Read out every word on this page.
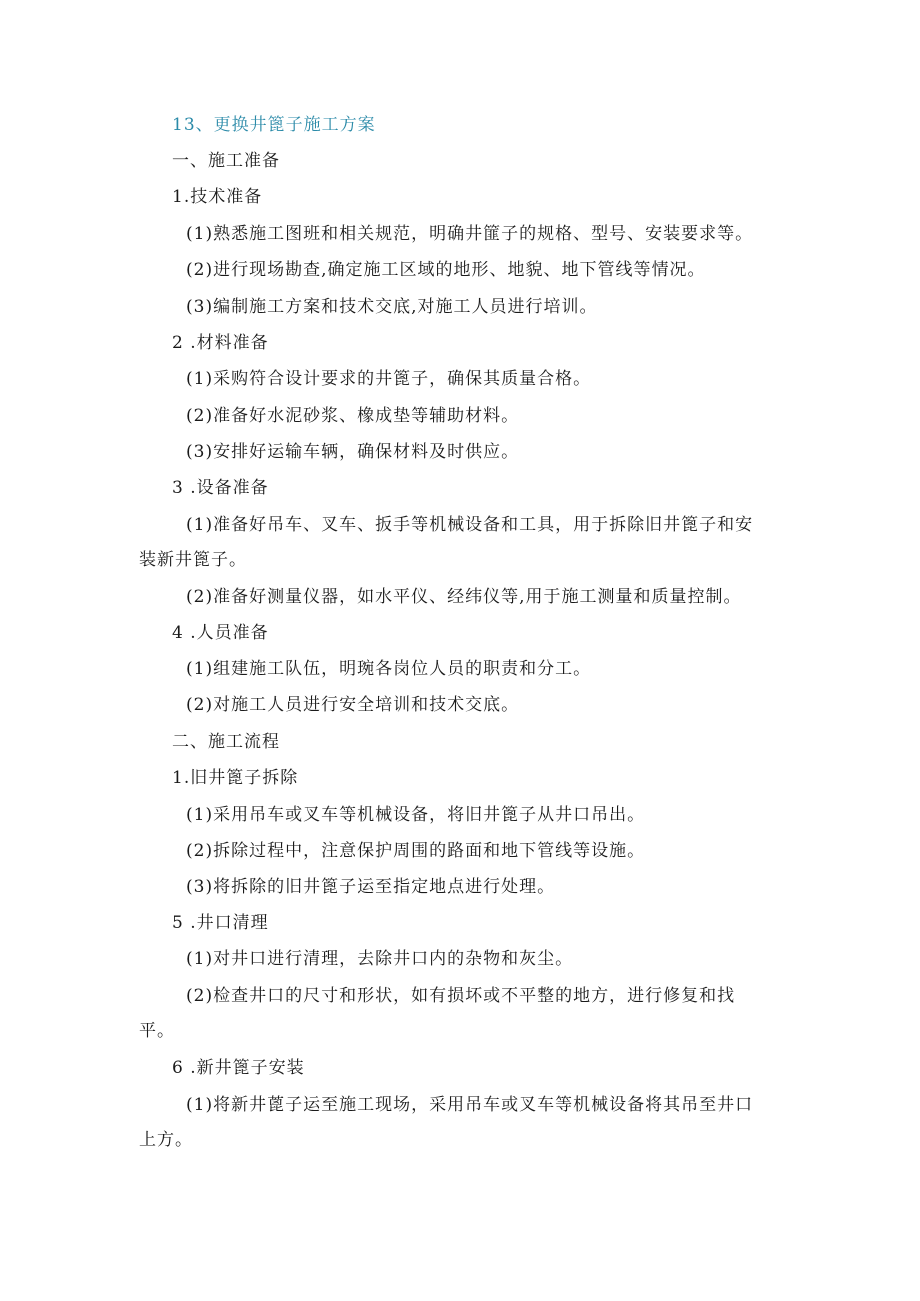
13、更换井篦子施工方案
一、施工准备
1.技术准备
(1)熟悉施工图班和相关规范，明确井篚子的规格、型号、安装要求等。
(2)进行现场勘查,确定施工区域的地形、地貌、地下管线等情况。
(3)编制施工方案和技术交底,对施工人员进行培训。
2 .材料准备
(1)采购符合设计要求的井篦子，确保其质量合格。
(2)准备好水泥砂浆、橡成垫等辅助材料。
(3)安排好运输车辆，确保材料及时供应。
3 .设备准备
(1)准备好吊车、叉车、扳手等机械设备和工具，用于拆除旧井篦子和安
装新井篦子。
(2)准备好测量仪器，如水平仪、经纬仪等,用于施工测量和质量控制。
4 .人员准备
(1)组建施工队伍，明琬各岗位人员的职责和分工。
(2)对施工人员进行安全培训和技术交底。
二、施工流程
1.旧井篦子拆除
(1)采用吊车或叉车等机械设备，将旧井篦子从井口吊出。
(2)拆除过程中，注意保护周围的路面和地下管线等设施。
(3)将拆除的旧井篦子运至指定地点进行处理。
5 .井口清理
(1)对井口进行清理，去除井口内的杂物和灰尘。
(2)检查井口的尺寸和形状，如有损坏或不平整的地方，进行修复和找
平。
6 .新井篦子安装
(1)将新井蓖子运至施工现场，采用吊车或叉车等机械设备将其吊至井口
上方。
